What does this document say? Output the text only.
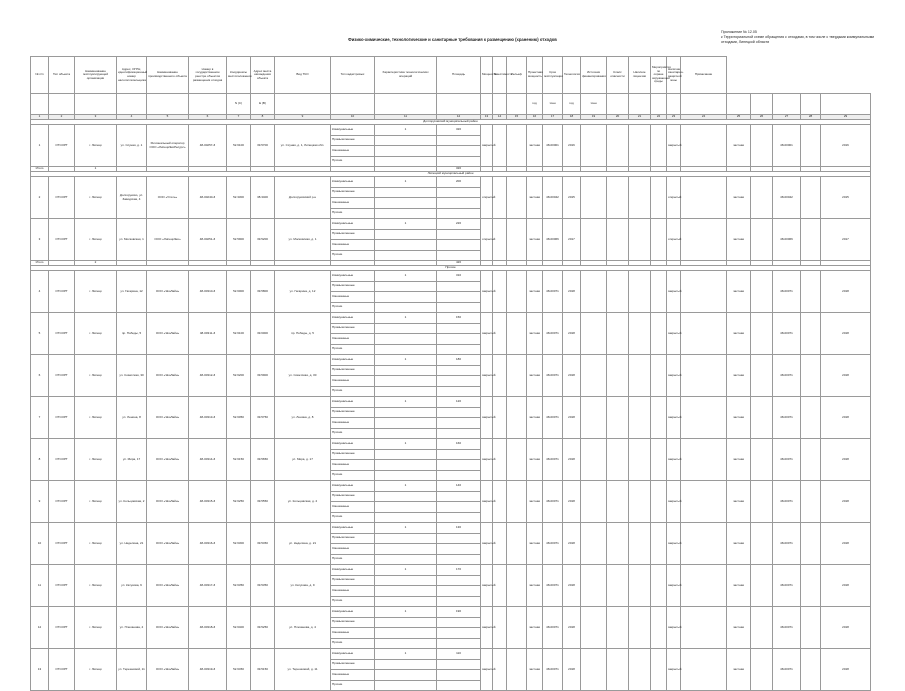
Приложение № 12.05
к Территориальной схеме обращения с отходами, в том числе с твердыми коммунальными отходами, Липецкой области
Физико-химические, технологические и санитарные требования к размещению (хранению) отходов
№ п/п	Тип объекта	Наименование эксплуатирующей организации	Адрес, ОГРН, идентификационный номер налогоплательщика	Наименование производственного объекта	Номер в государственном реестре объектов размещения отходов	Координаты местоположения	Адрес места нахождения объекта	Вид ТКО	Тип кадастровых	Характеристика технологических операций	Площадь	Мощность	Вместимость	Рельеф	Проектная мощность	Срок эксплуатации	Технология	Источник финансирования	Класс опасности	Наличие лицензии	Мероприятия по охране окружающей среды	Наличие санитарно-защитной зоны	Примечание					
						N (С)	E (В)								год	тонн	год	тонн										
1	2	3	4	5	6	7	8	9	10	11	12	13	14	15	16	17	18	19	20	21	22	23	24	25	26	27	28	29
Долгоруковский муниципальный район																												
1	ОТСОРТ	г. Липецк	ул. Ссуная, д. 1	Региональный оператор ООО «ЛипецкЭкоРесурс»	48-00257-З	52.6100	39.5700	ул. Ссуная, д. 1, Липецкая обл.	Коммунальные	1	326	закрытый			частная	48-00001	2016					закрытый		частная		48-00001		2016
									Промышленные																			
									Смешанные																			
									Прочие																			
Итого		1									326																	
Липецкий муниципальный район																												
2	ОТСОРТ	г. Липецк	Долгоруково, ул. Заводская, 4	ООО «Утиль»	48-00240-З	52.3300	38.3400	Долгоруковский р-н	Коммунальные	1	200	открытый			частная	48-00042	2015					открытый		частная		48-00042		2015
									Промышленные																			
									Смешанные																			
									Прочие																			
3	ОТСОРТ	г. Липецк	ул. Московская, 1	ООО «ЛипецкЭко»	48-00251-З	52.5900	39.5200	ул. Московская, д. 1	Коммунальные	1	226	открытый			частная	48-00066	2017					открытый		частная		48-00066		2017
									Промышленные																			
									Смешанные																			
									Прочие																			
Итого		2									426																	
Прочие																												
4	ОТСОРТ	г. Липецк	ул. Гагарина, 12	ООО «ЭкоЛайн»	48-00310-З	52.6000	39.5800	ул. Гагарина, д. 12	Коммунальные	1	310	закрытый			частная	48-00071	2018					закрытый		частная		48-00071		2018
									Промышленные																			
									Смешанные																			
									Прочие																			
5	ОТСОРТ	г. Липецк	пр. Победы, 5	ООО «ЭкоЛайн»	48-00311-З	52.6100	39.6000	пр. Победы, д. 5	Коммунальные	1	150	закрытый			частная	48-00071	2018					закрытый		частная		48-00071		2018
									Промышленные																			
									Смешанные																			
									Прочие																			
6	ОТСОРТ	г. Липецк	ул. Советская, 30	ООО «ЭкоЛайн»	48-00312-З	52.6200	39.5900	ул. Советская, д. 30	Коммунальные	1	180	закрытый			частная	48-00071	2018					закрытый		частная		48-00071		2018
									Промышленные																			
									Смешанные																			
									Прочие																			
7	ОТСОРТ	г. Липецк	ул. Ленина, 8	ООО «ЭкоЛайн»	48-00313-З	52.6050	39.5750	ул. Ленина, д. 8	Коммунальные	1	120	закрытый			частная	48-00071	2018					закрытый		частная		48-00071		2018
									Промышленные																			
									Смешанные																			
									Прочие																			
8	ОТСОРТ	г. Липецк	ул. Мира, 17	ООО «ЭкоЛайн»	48-00314-З	52.6150	39.5650	ул. Мира, д. 17	Коммунальные	1	160	закрытый			частная	48-00071	2018					закрытый		частная		48-00071		2018
									Промышленные																			
									Смешанные																			
									Прочие																			
9	ОТСОРТ	г. Липецк	ул. Кольцовская, 2	ООО «ЭкоЛайн»	48-00315-З	52.6250	39.5550	ул. Кольцовская, д. 2	Коммунальные	1	140	закрытый			частная	48-00071	2018					закрытый		частная		48-00071		2018
									Промышленные																			
									Смешанные																			
									Прочие																			
10	ОТСОРТ	г. Липецк	ул. Неделина, 21	ООО «ЭкоЛайн»	48-00316-З	52.6300	39.5450	ул. Неделина, д. 21	Коммунальные	1	130	закрытый			частная	48-00071	2018					закрытый		частная		48-00071		2018
									Промышленные																			
									Смешанные																			
									Прочие																			
11	ОТСОРТ	г. Липецк	ул. Катукова, 9	ООО «ЭкоЛайн»	48-00317-З	52.6350	39.5350	ул. Катукова, д. 9	Коммунальные	1	170	закрытый			частная	48-00071	2018					закрытый		частная		48-00071		2018
									Промышленные																			
									Смешанные																			
									Прочие																			
12	ОТСОРТ	г. Липецк	ул. Плеханова, 4	ООО «ЭкоЛайн»	48-00318-З	52.6400	39.5250	ул. Плеханова, д. 4	Коммунальные	1	190	закрытый			частная	48-00071	2018					закрытый		частная		48-00071		2018
									Промышленные																			
									Смешанные																			
									Прочие																			
13	ОТСОРТ	г. Липецк	ул. Терешковой, 11	ООО «ЭкоЛайн»	48-00319-З	52.6450	39.5150	ул. Терешковой, д. 11	Коммунальные	1	110	закрытый			частная	48-00071	2018					закрытый		частная		48-00071		2018
									Промышленные																			
									Смешанные																			
									Прочие																			
